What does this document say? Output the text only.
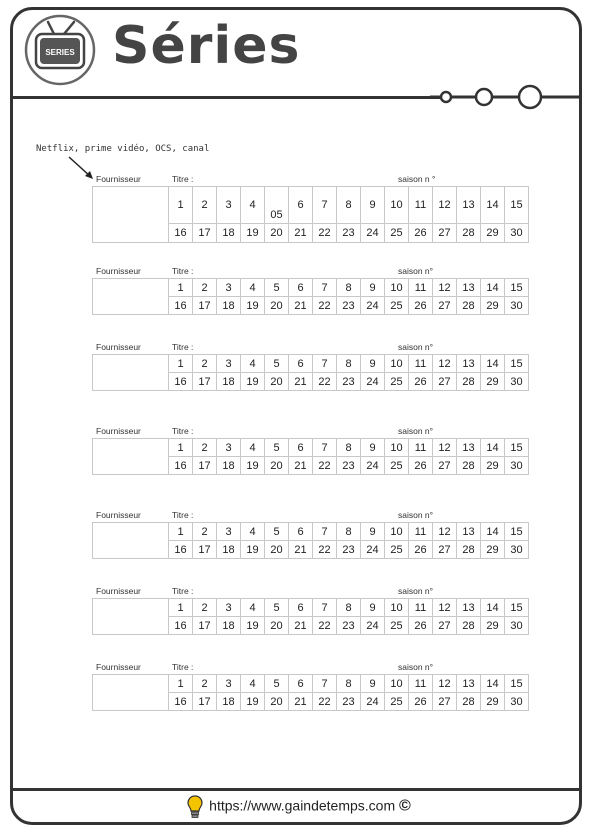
SERIES Séries
Netflix, prime vidéo, OCS, canal
Fournisseur	Titre :	saison n °
	1	2	3	4	05	6	7	8	9	10	11	12	13	14	15
	16	17	18	19	20	21	22	23	24	25	26	27	28	29	30
Fournisseur	Titre :	saison n°
	1	2	3	4	5	6	7	8	9	10	11	12	13	14	15
	16	17	18	19	20	21	22	23	24	25	26	27	28	29	30
Fournisseur	Titre :	saison n°
	1	2	3	4	5	6	7	8	9	10	11	12	13	14	15
	16	17	18	19	20	21	22	23	24	25	26	27	28	29	30
Fournisseur	Titre :	saison n°
	1	2	3	4	5	6	7	8	9	10	11	12	13	14	15
	16	17	18	19	20	21	22	23	24	25	26	27	28	29	30
Fournisseur	Titre :	saison n°
	1	2	3	4	5	6	7	8	9	10	11	12	13	14	15
	16	17	18	19	20	21	22	23	24	25	26	27	28	29	30
Fournisseur	Titre :	saison n°
	1	2	3	4	5	6	7	8	9	10	11	12	13	14	15
	16	17	18	19	20	21	22	23	24	25	26	27	28	29	30
Fournisseur	Titre :	saison n°
	1	2	3	4	5	6	7	8	9	10	11	12	13	14	15
	16	17	18	19	20	21	22	23	24	25	26	27	28	29	30
https://www.gaindetemps.com ©
